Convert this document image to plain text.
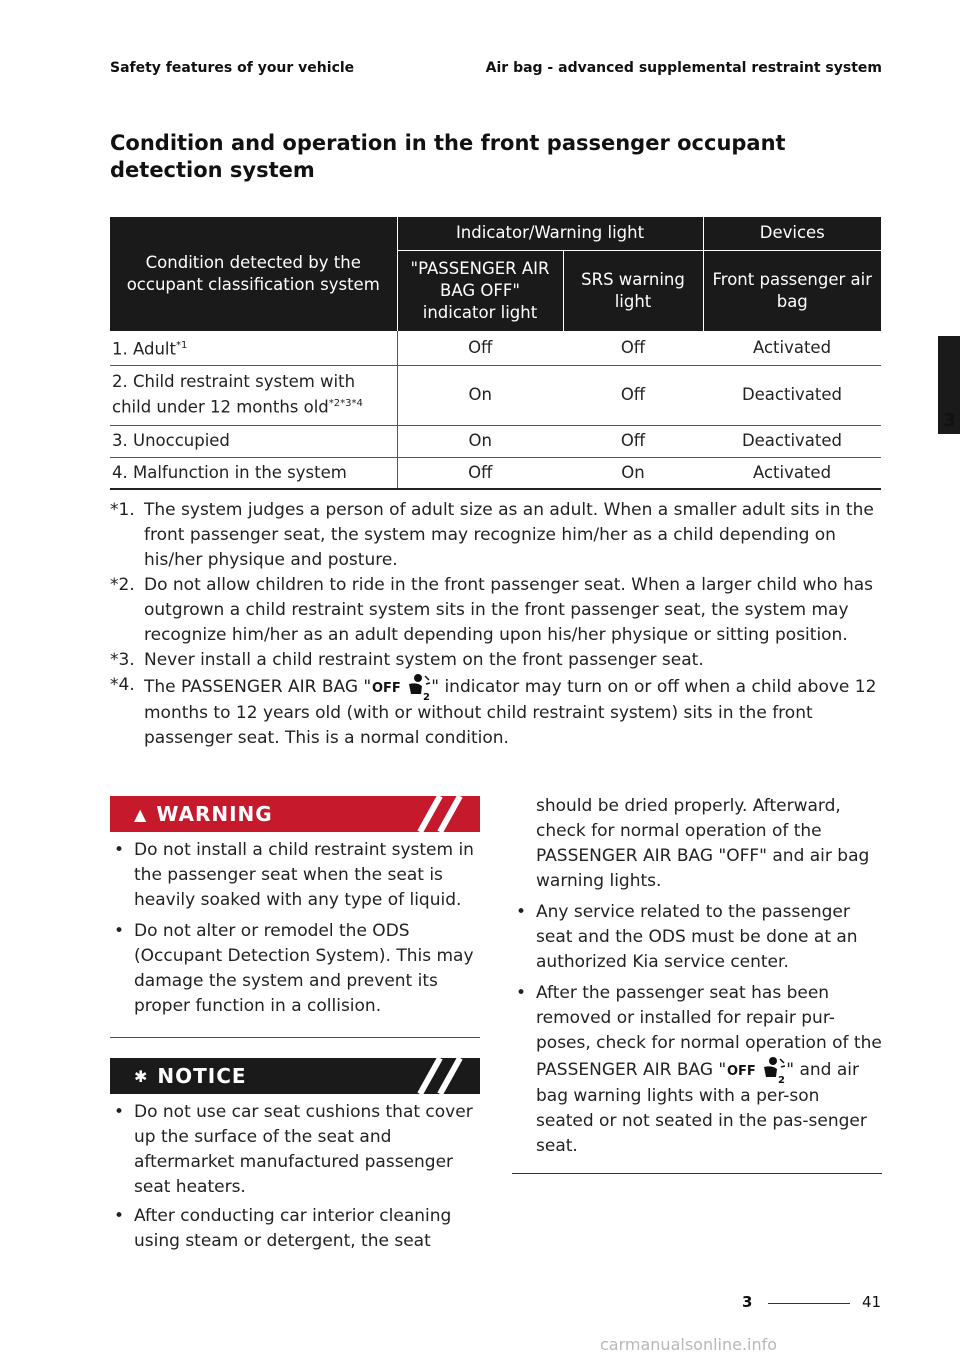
Safety features of your vehicle	Air bag - advanced supplemental restraint system
3
Condition and operation in the front passenger occupant detection system
Condition detected by the occupant classification system	Indicator/Warning light		Devices
	"PASSENGER AIR BAG OFF" indicator light	SRS warning light	Front passenger air bag
1. Adult$^{*1}$	Off	Off	Activated
2. Child restraint system with
child under 12 months old$^{*2*3*4}$	On	Off	Deactivated
3. Unoccupied	On	Off	Deactivated
4. Malfunction in the system	Off	On	Activated
*1. The system judges a person of adult size as an adult. When a smaller adult sits in the front passenger seat, the system may recognize him/her as a child depending on his/her physique and posture.
*2. Do not allow children to ride in the front passenger seat. When a larger child who has outgrown a child restraint system sits in the front passenger seat, the system may recognize him/her as an adult depending upon his/her physique or sitting position.
*3. Never install a child restraint system on the front passenger seat.
*4. The PASSENGER AIR BAG " OFF
2
" indicator may turn on or off when a child above 12 months to 12 years old (with or without child restraint system) sits in the front passenger seat. This is a normal condition.
▲ WARNING
• Do not install a child restraint system in the passenger seat when the seat is heavily soaked with any type of liquid.
• Do not alter or remodel the ODS (Occupant Detection System). This may damage the system and prevent its proper function in a collision.
✱ NOTICE
• Do not use car seat cushions that cover up the surface of the seat and aftermarket manufactured passenger seat heaters.
• After conducting car interior cleaning using steam or detergent, the seat
should be dried properly. Afterward, check for normal operation of the PASSENGER AIR BAG "OFF" and air bag warning lights.
• Any service related to the passenger seat and the ODS must be done at an authorized Kia service center.
• After the passenger seat has been removed or installed for repair pur-poses, check for normal operation of the PASSENGER AIR BAG " OFF
2
" and air bag warning lights with a per-son seated or not seated in the pas-senger seat.
3	41
carmanualsonline.info
